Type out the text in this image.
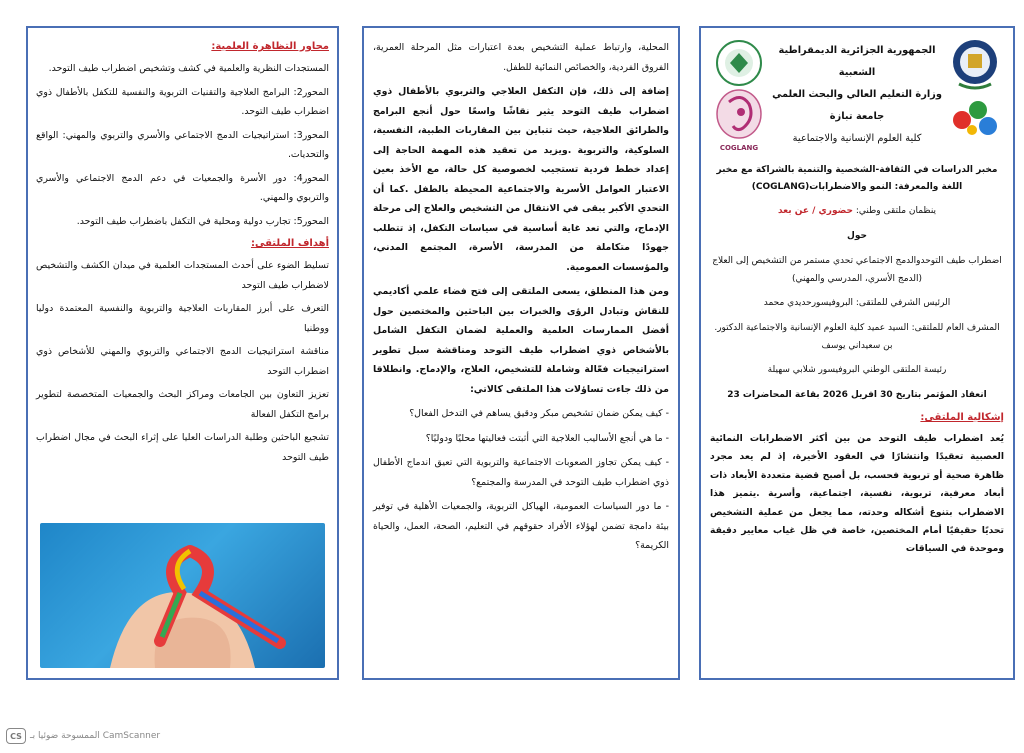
الجمهورية الجزائرية الديمقراطية الشعبية
وزارة التعليم العالي والبحث العلمي
جامعة تبازة
كلية العلوم الإنسانية والاجتماعية
COGLANG
مخبر الدراسات في الثقافة-الشخصية والتنمية بالشراكة مع مخبر اللغة والمعرفة: النمو والاضطرابات(COGLANG)
ينظمان ملتقى وطني: حضوري / عن بعد
حول
اضطراب طيف التوحدوالدمج الاجتماعي تحدي مستمر من التشخيص إلى العلاج (الدمج الأسري، المدرسي والمهني)
الرئيس الشرفي للملتقى: البروفيسورحديدي محمد
المشرف العام للملتقى: السيد عميد كلية العلوم الإنسانية والاجتماعية الدكتور. بن سعيداني يوسف
رئيسة الملتقى الوطني البروفيسور شلابي سهيلة
انعقاد المؤتمر بتاريخ 30 افريل 2026 بقاعة المحاضرات 23
إشكالية الملتقى:

يُعد اضطراب طيف التوحد من بين أكثر الاضطرابات النمائية العصبية تعقيدًا وانتشارًا في العقود الأخيرة، إذ لم يعد مجرد ظاهرة صحية أو تربوية فحسب، بل أصبح قضية متعددة الأبعاد ذات أبعاد معرفية، تربوية، نفسية، اجتماعية، وأسرية .يتميز هذا الاضطراب بتنوع أشكاله وحدته، مما يجعل من عملية التشخيص تحديًا حقيقيًا أمام المختصين، خاصة في ظل غياب معايير دقيقة وموحدة في السياقات

المحلية، وارتباط عملية التشخيص بعدة اعتبارات مثل المرحلة العمرية، الفروق الفردية، والخصائص النمائية للطفل.

إضافة إلى ذلك، فإن التكفل العلاجي والتربوي بالأطفال ذوي اضطراب طيف التوحد يثير نقاشًا واسعًا حول أنجع البرامج والطرائق العلاجية، حيث تتباين بين المقاربات الطبية، النفسية، السلوكية، والتربوية .ويزيد من تعقيد هذه المهمة الحاجة إلى إعداد خطط فردية تستجيب لخصوصية كل حالة، مع الأخذ بعين الاعتبار العوامل الأسرية والاجتماعية المحيطة بالطفل .كما أن التحدي الأكبر يبقى في الانتقال من التشخيص والعلاج إلى مرحلة الإدماج، والتي تعد غاية أساسية في سياسات التكفل، إذ تتطلب جهودًا متكاملة من المدرسة، الأسرة، المجتمع المدني، والمؤسسات العمومية.

ومن هذا المنطلق، يسعى الملتقى إلى فتح فضاء علمي أكاديمي للنقاش وتبادل الرؤى والخبرات بين الباحثين والمختصين حول أفضل الممارسات العلمية والعملية لضمان التكفل الشامل بالأشخاص ذوي اضطراب طيف التوحد ومناقشة سبل تطوير استراتيجيات فعّالة وشاملة للتشخيص، العلاج، والإدماج. وانطلاقا من ذلك جاءت تساؤلات هذا الملتقى كالاتي:

- كيف يمكن ضمان تشخيص مبكر ودقيق يساهم في التدخل الفعال؟

- ما هي أنجع الأساليب العلاجية التي أثبتت فعاليتها محليًا ودوليًا؟

- كيف يمكن تجاوز الصعوبات الاجتماعية والتربوية التي تعيق اندماج الأطفال ذوي اضطراب طيف التوحد في المدرسة والمجتمع؟

- ما دور السياسات العمومية، الهياكل التربوية، والجمعيات الأهلية في توفير بيئة دامجة تضمن لهؤلاء الأفراد حقوقهم في التعليم، الصحة، العمل، والحياة الكريمة؟

محاور التظاهرة العلمية:

المستجدات النظرية والعلمية في كشف وتشخيص اضطراب طيف التوحد.

المحور2: البرامج العلاجية والتقنيات التربوية والنفسية للتكفل بالأطفال ذوي اضطراب طيف التوحد.

المحور3: استراتيجيات الدمج الاجتماعي والأسري والتربوي والمهني: الواقع والتحديات.

المحور4: دور الأسرة والجمعيات في دعم الدمج الاجتماعي والأسري والتربوي والمهني.

المحور5: تجارب دولية ومحلية في التكفل باضطراب طيف التوحد.

أهداف الملتقى:

تسليط الضوء على أحدث المستجدات العلمية في ميدان الكشف والتشخيص لاضطراب طيف التوحد

التعرف على أبرز المقاربات العلاجية والتربوية والنفسية المعتمدة دوليا ووطنيا

مناقشة استراتيجيات الدمج الاجتماعي والتربوي والمهني للأشخاص ذوي اضطراب التوحد

تعزيز التعاون بين الجامعات ومراكز البحث والجمعيات المتخصصة لتطوير برامج التكفل الفعالة

تشجيع الباحثين وطلبة الدراسات العليا على إثراء البحث في مجال اضطراب طيف التوحد

CS الممسوحة ضوئيا بـ CamScanner
